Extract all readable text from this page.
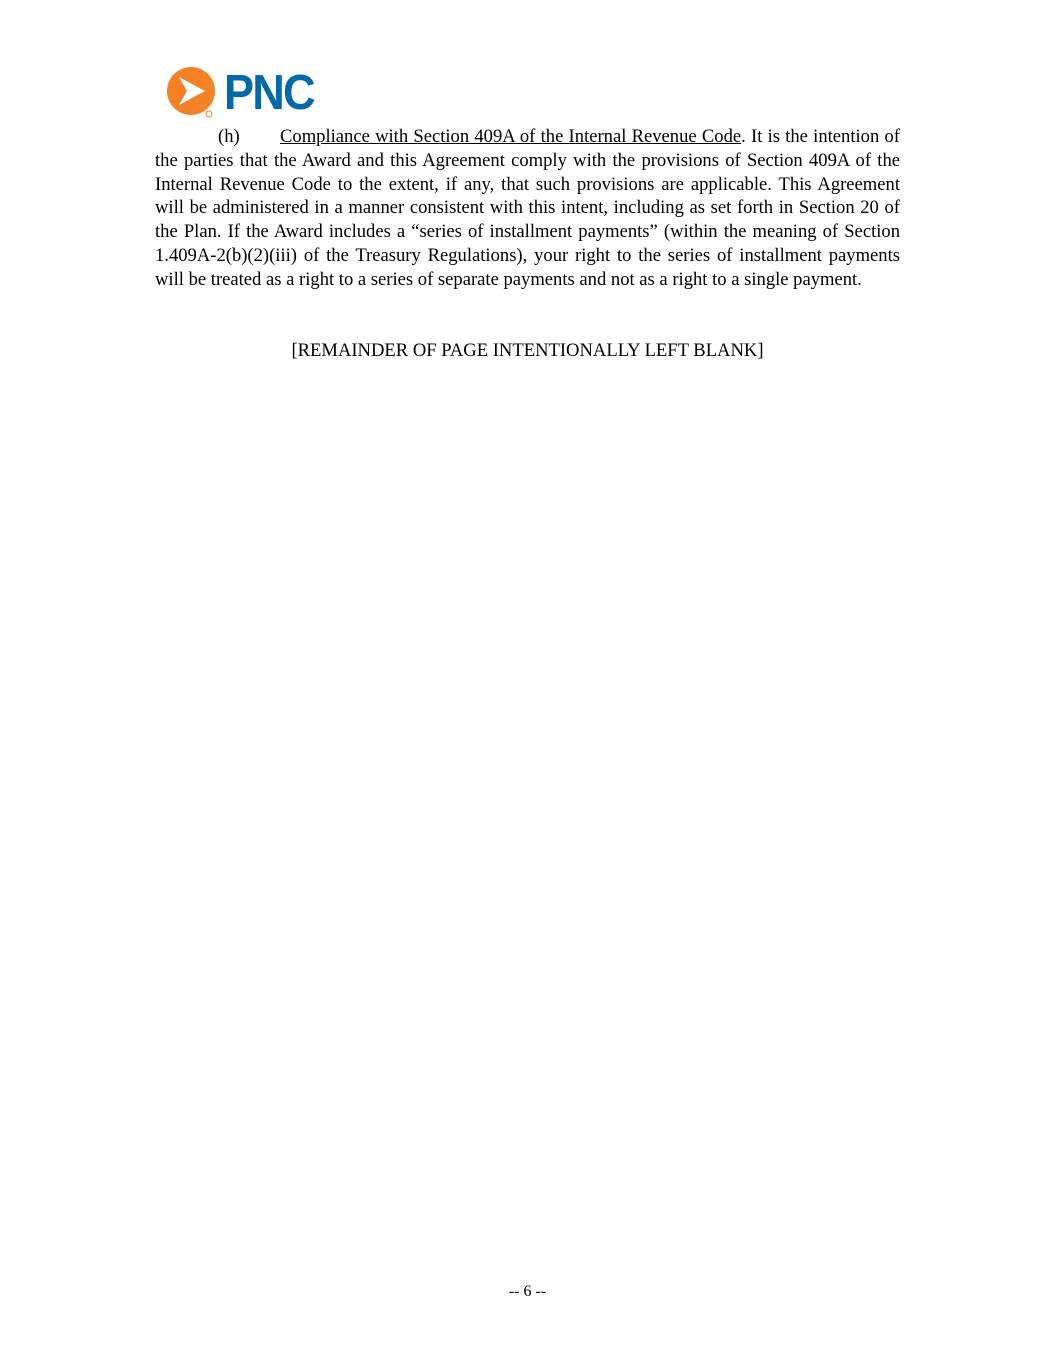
PNC

(h) Compliance with Section 409A of the Internal Revenue Code. It is the intention of the parties that the Award and this Agreement comply with the provisions of Section 409A of the Internal Revenue Code to the extent, if any, that such provisions are applicable. This Agreement will be administered in a manner consistent with this intent, including as set forth in Section 20 of the Plan. If the Award includes a “series of installment payments” (within the meaning of Section 1.409A-2(b)(2)(iii) of the Treasury Regulations), your right to the series of installment payments will be treated as a right to a series of separate payments and not as a right to a single payment.

[REMAINDER OF PAGE INTENTIONALLY LEFT BLANK]
-- 6 --
